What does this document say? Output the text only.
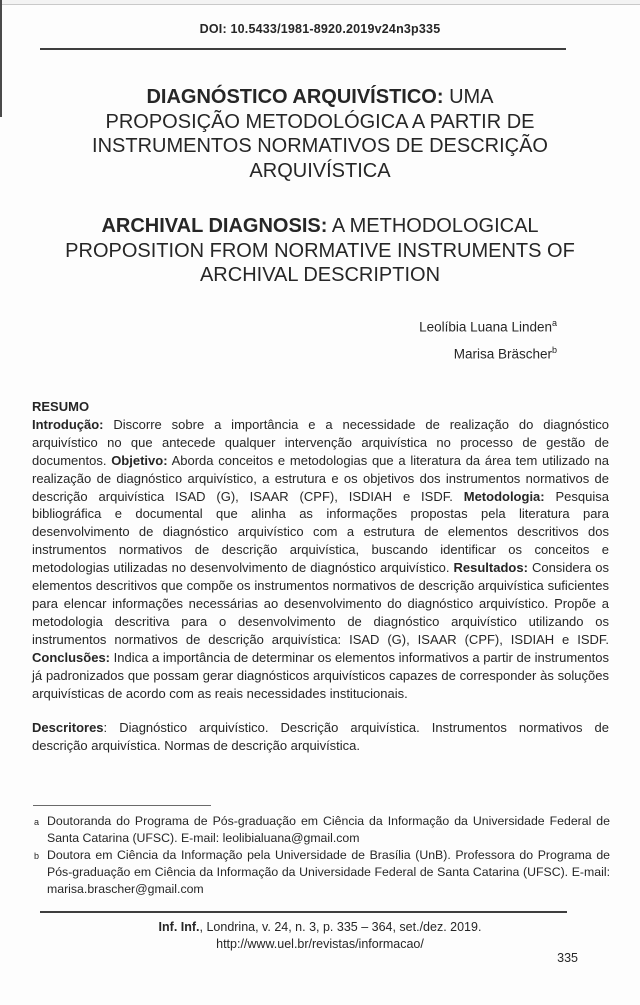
DOI: 10.5433/1981-8920.2019v24n3p335
DIAGNÓSTICO ARQUIVÍSTICO: UMA
PROPOSIÇÃO METODOLÓGICA A PARTIR DE
INSTRUMENTOS NORMATIVOS DE DESCRIÇÃO
ARQUIVÍSTICA
ARCHIVAL DIAGNOSIS: A METHODOLOGICAL
PROPOSITION FROM NORMATIVE INSTRUMENTS OF
ARCHIVAL DESCRIPTION
Leolíbia Luana Linden$^a$
Marisa Bräscher$^b$
RESUMO
Introdução: Discorre sobre a importância e a necessidade de realização do diagnóstico arquivístico no que antecede qualquer intervenção arquivística no processo de gestão de documentos. Objetivo: Aborda conceitos e metodologias que a literatura da área tem utilizado na realização de diagnóstico arquivístico, a estrutura e os objetivos dos instrumentos normativos de descrição arquivística ISAD (G), ISAAR (CPF), ISDIAH e ISDF. Metodologia: Pesquisa bibliográfica e documental que alinha as informações propostas pela literatura para desenvolvimento de diagnóstico arquivístico com a estrutura de elementos descritivos dos instrumentos normativos de descrição arquivística, buscando identificar os conceitos e metodologias utilizadas no desenvolvimento de diagnóstico arquivístico. Resultados: Considera os elementos descritivos que compõe os instrumentos normativos de descrição arquivística suficientes para elencar informações necessárias ao desenvolvimento do diagnóstico arquivístico. Propõe a metodologia descritiva para o desenvolvimento de diagnóstico arquivístico utilizando os instrumentos normativos de descrição arquivística: ISAD (G), ISAAR (CPF), ISDIAH e ISDF. Conclusões: Indica a importância de determinar os elementos informativos a partir de instrumentos já padronizados que possam gerar diagnósticos arquivísticos capazes de corresponder às soluções arquivísticas de acordo com as reais necessidades institucionais.
Descritores: Diagnóstico arquivístico. Descrição arquivística. Instrumentos normativos de descrição arquivística. Normas de descrição arquivística.
a Doutoranda do Programa de Pós-graduação em Ciência da Informação da Universidade Federal de Santa Catarina (UFSC). E-mail: leolibialuana@gmail.com
b Doutora em Ciência da Informação pela Universidade de Brasília (UnB). Professora do Programa de Pós-graduação em Ciência da Informação da Universidade Federal de Santa Catarina (UFSC). E-mail: marisa.brascher@gmail.com
Inf. Inf., Londrina, v. 24, n. 3, p. 335 – 364, set./dez. 2019.
http://www.uel.br/revistas/informacao/
335
